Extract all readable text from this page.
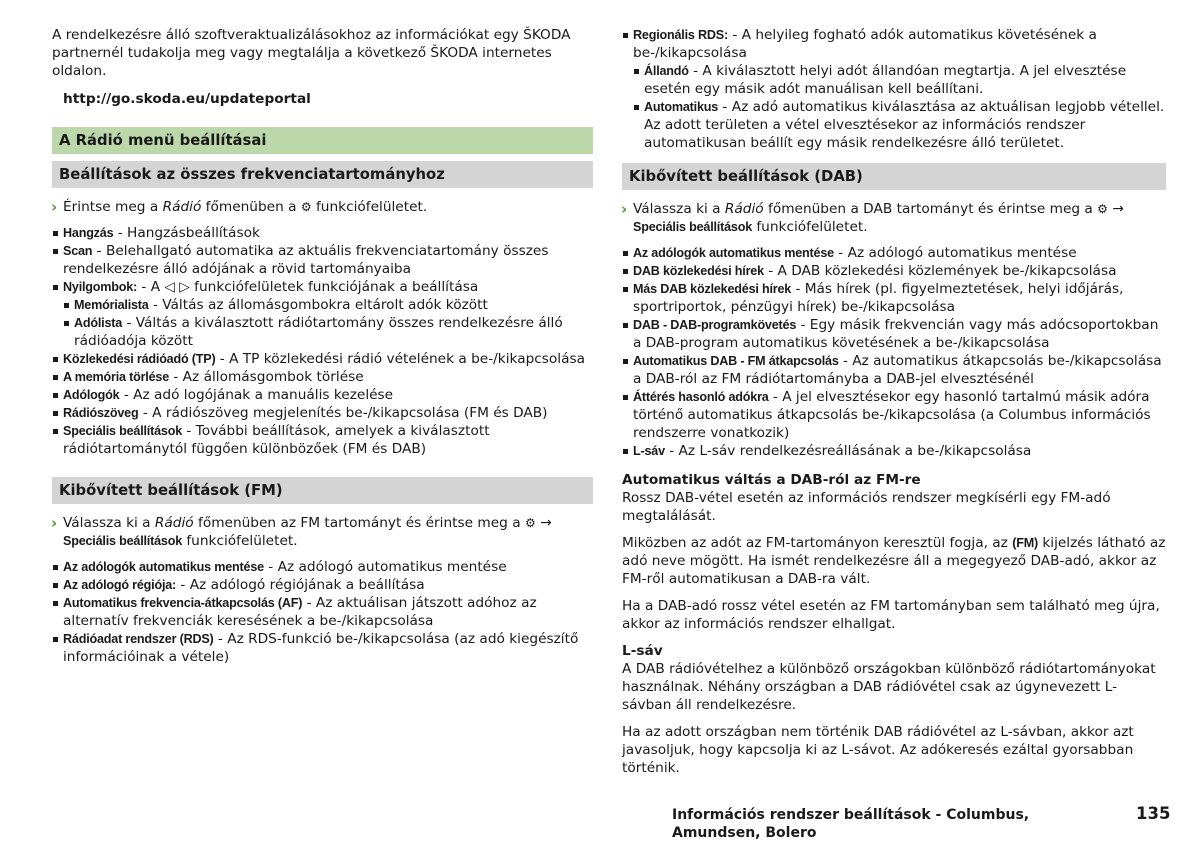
A rendelkezésre álló szoftveraktualizálásokhoz az információkat egy ŠKODA partnernél tudakolja meg vagy megtalálja a következő ŠKODA internetes oldalon.

http://go.skoda.eu/updateportal

A Rádió menü beállításai
Beállítások az összes frekvenciatartományhoz

› Érintse meg a Rádió főmenüben a ⚙ funkciófelületet.

Hangzás - Hangzásbeállítások
Scan - Belehallgató automatika az aktuális frekvenciatartomány összes rendelkezésre álló adójának a rövid tartományaiba
Nyilgombok: - A ◁ ▷ funkciófelületek funkciójának a beállítása
Memórialista - Váltás az állomásgombokra eltárolt adók között
Adólista - Váltás a kiválasztott rádiótartomány összes rendelkezésre álló rádióadója között
Közlekedési rádióadó (TP) - A TP közlekedési rádió vételének a be-/kikapcsolása
A memória törlése - Az állomásgombok törlése
Adólogók - Az adó logójának a manuális kezelése
Rádiószöveg - A rádiószöveg megjelenítés be-/kikapcsolása (FM és DAB)
Speciális beállítások - További beállítások, amelyek a kiválasztott rádiótartománytól függően különbözőek (FM és DAB)
Kibővített beállítások (FM)

› Válassza ki a Rádió főmenüben az FM tartományt és érintse meg a ⚙ → Speciális beállítások funkciófelületet.

Az adólogók automatikus mentése - Az adólogó automatikus mentése
Az adólogó régiója: - Az adólogó régiójának a beállítása
Automatikus frekvencia-átkapcsolás (AF) - Az aktuálisan játszott adóhoz az alternatív frekvenciák keresésének a be-/kikapcsolása
Rádióadat rendszer (RDS) - Az RDS-funkció be-/kikapcsolása (az adó kiegészítő információinak a vétele)
Regionális RDS: - A helyileg fogható adók automatikus követésének a be-/kikapcsolása
Állandó - A kiválasztott helyi adót állandóan megtartja. A jel elvesztése esetén egy másik adót manuálisan kell beállítani.
Automatikus - Az adó automatikus kiválasztása az aktuálisan legjobb vétellel. Az adott területen a vétel elvesztésekor az információs rendszer automatikusan beállít egy másik rendelkezésre álló területet.
Kibővített beállítások (DAB)

› Válassza ki a Rádió főmenüben a DAB tartományt és érintse meg a ⚙ → Speciális beállítások funkciófelületet.

Az adólogók automatikus mentése - Az adólogó automatikus mentése
DAB közlekedési hírek - A DAB közlekedési közlemények be-/kikapcsolása
Más DAB közlekedési hírek - Más hírek (pl. figyelmeztetések, helyi időjárás, sportriportok, pénzügyi hírek) be-/kikapcsolása
DAB - DAB-programkövetés - Egy másik frekvencián vagy más adócsoportokban a DAB-program automatikus követésének a be-/kikapcsolása
Automatikus DAB - FM átkapcsolás - Az automatikus átkapcsolás be-/kikapcsolása a DAB-ról az FM rádiótartományba a DAB-jel elvesztésénél
Áttérés hasonló adókra - A jel elvesztésekor egy hasonló tartalmú másik adóra történő automatikus átkapcsolás be-/kikapcsolása (a Columbus információs rendszerre vonatkozik)
L-sáv - Az L-sáv rendelkezésreállásának a be-/kikapcsolása

Automatikus váltás a DAB-ról az FM-re

Rossz DAB-vétel esetén az információs rendszer megkísérli egy FM-adó megtalálását.

Miközben az adót az FM-tartományon keresztül fogja, az (FM) kijelzés látható az adó neve mögött. Ha ismét rendelkezésre áll a megegyező DAB-adó, akkor az FM-ről automatikusan a DAB-ra vált.

Ha a DAB-adó rossz vétel esetén az FM tartományban sem található meg újra, akkor az információs rendszer elhallgat.

L-sáv

A DAB rádióvételhez a különböző országokban különböző rádiótartományokat használnak. Néhány országban a DAB rádióvétel csak az úgynevezett L-sávban áll rendelkezésre.

Ha az adott országban nem történik DAB rádióvétel az L-sávban, akkor azt javasoljuk, hogy kapcsolja ki az L-sávot. Az adókeresés ezáltal gyorsabban történik.

Információs rendszer beállítások - Columbus, Amundsen, Bolero
135
